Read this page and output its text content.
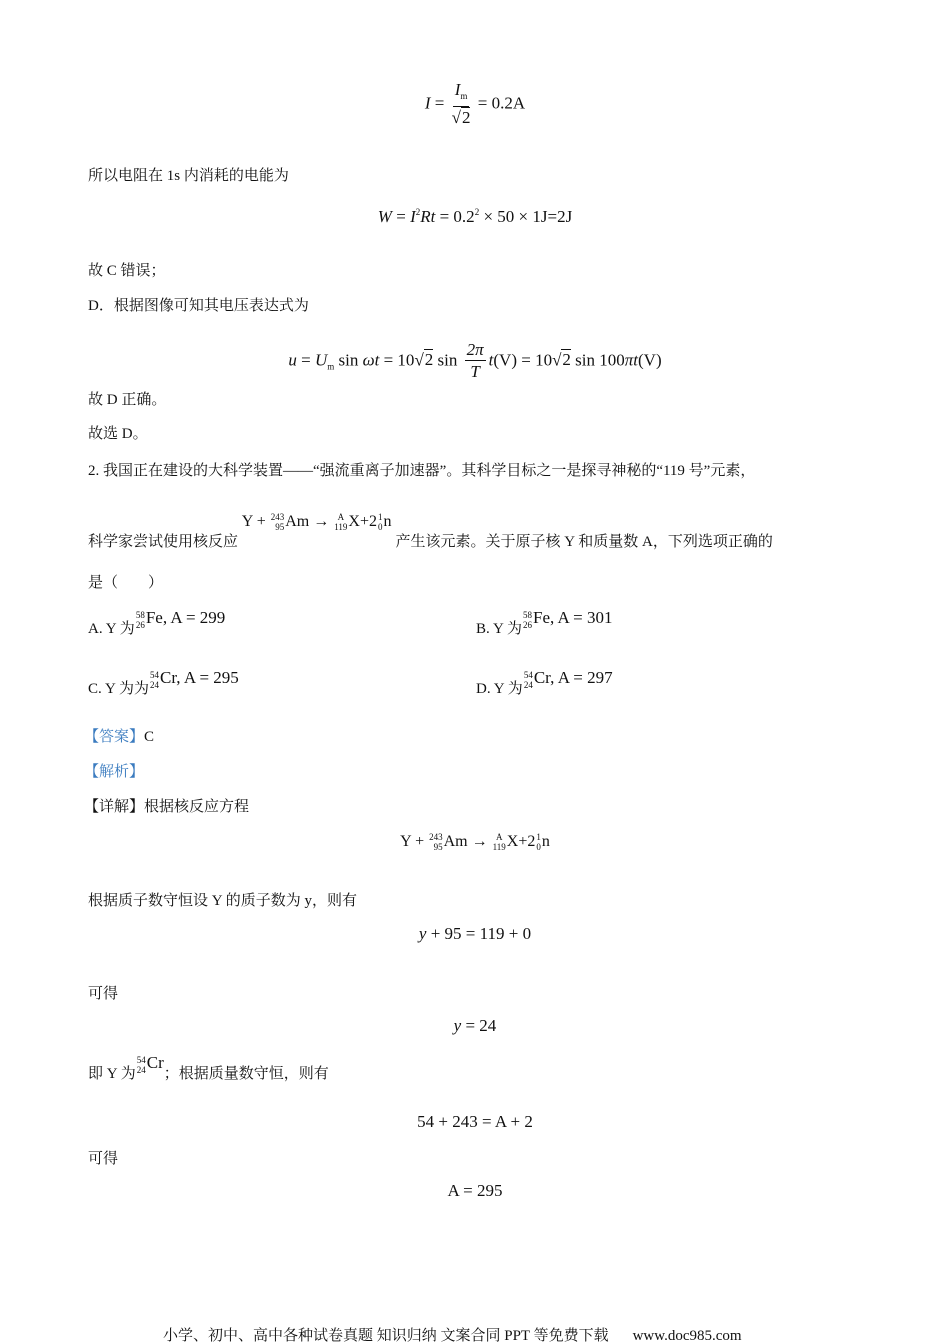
$I = \frac{I_m}{√2} = 0.2A$
所以电阻在 1s 内消耗的电能为
$W = I^2Rt = 0.2^2 \times 50 \times 1J=2J$
故 C 错误；
D．根据图像可知其电压表达式为
$u = U_m$ sin ωt = 10√2 $\sin \frac{2\pi}{T} t(V) = 10√2$ sin 100πt(V)
故 D 正确。
故选 D。
2. 我国正在建设的大科学装置——“强流重离子加速器”。其科学目标之一是探寻神秘的“119 号”元素，
科学家尝试使用核反应 Y + 243
95 Am → A
119 X+2 1
0 n 产生该元素。关于原子核 Y 和质量数 A，下列选项正确的
是（　　）
A. Y 为
58
26 Fe, A = 299
B. Y 为
58
26 Fe, A = 301
C. Y 为为
54
24 Cr, A = 295
D. Y 为
54
24 Cr, A = 297
【答案】C
【解析】
【详解】根据核反应方程
Y + 243
95 Am → A
119 X+2 1
0 n
根据质子数守恒设 Y 的质子数为 y，则有
y + 95 = 119 + 0
可得
y = 24
即 Y 为
54
24 Cr；根据质量数守恒，则有
54 + 243 = A + 2
可得
A = 295
小学、初中、高中各种试卷真题 知识归纳 文案合同 PPT 等免费下载 www.doc985.com
